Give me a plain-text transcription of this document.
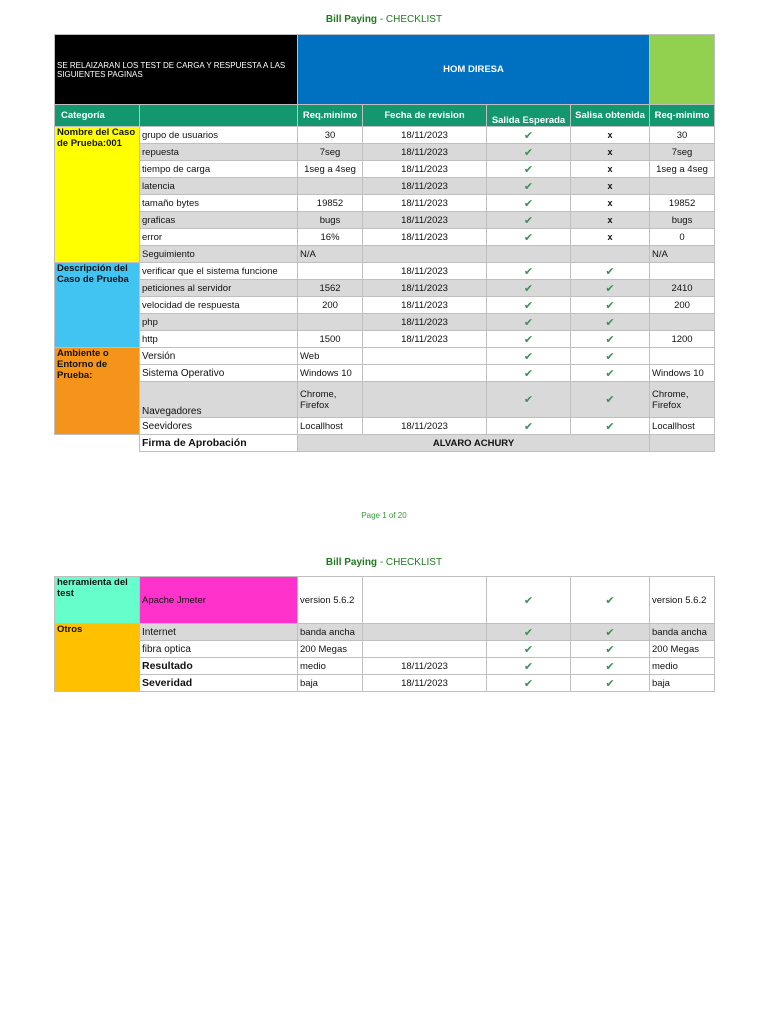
Bill Paying - CHECKLIST
SE RELAIZARAN LOS TEST DE CARGA Y RESPUESTA A LAS SIGUIENTES PAGINAS		HOM DIRESA				
Categoría		Req.minimo	Fecha de revision	Salida Esperada	Salisa obtenida	Req-minimo
Nombre del Caso de Prueba:001	grupo de usuarios	30	18/11/2023	✔	x	30
	repuesta	7seg	18/11/2023	✔	x	7seg
	tiempo de carga	1seg a 4seg	18/11/2023	✔	x	1seg a 4seg
	latencia		18/11/2023	✔	x	
	tamaño bytes	19852	18/11/2023	✔	x	19852
	graficas	bugs	18/11/2023	✔	x	bugs
	error	16%	18/11/2023	✔	x	0
	Seguimiento	N/A				N/A
Descripción del Caso de Prueba	verificar que el sistema funcione		18/11/2023	✔	✔	
	peticiones al servidor	1562	18/11/2023	✔	✔	2410
	velocidad de respuesta	200	18/11/2023	✔	✔	200
	php		18/11/2023	✔	✔	
	http	1500	18/11/2023	✔	✔	1200
Ambiente o Entorno de Prueba:	Versión	Web		✔	✔	
	Sistema Operativo	Windows 10		✔	✔	Windows 10
	Navegadores	Chrome, Firefox		✔	✔	Chrome, Firefox
	Seevidores	Locallhost	18/11/2023	✔	✔	Locallhost
	Firma de Aprobación	ALVARO ACHURY				
Page 1 of 20
Bill Paying - CHECKLIST
herramienta del test	Apache Jmeter	version 5.6.2		✔	✔	version 5.6.2
Otros	Internet	banda ancha		✔	✔	banda ancha
	fibra optica	200 Megas		✔	✔	200 Megas
	Resultado	medio	18/11/2023	✔	✔	medio
	Severidad	baja	18/11/2023	✔	✔	baja
